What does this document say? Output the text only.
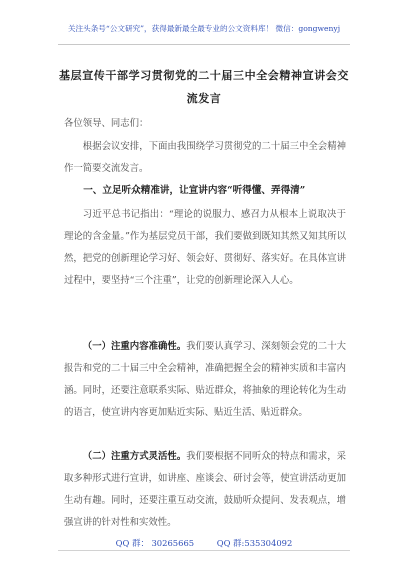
关注头条号“公文研究”，获得最新最全最专业的公文资料库！ 微信：gongwenyj
基层宣传干部学习贯彻党的二十届三中全会精神宣讲会交
流发言

各位领导、同志们：

根据会议安排，下面由我围绕学习贯彻党的二十届三中全会精神作一简要交流发言。

一、立足听众精准讲，让宣讲内容“听得懂、弄得清”

习近平总书记指出：“理论的说服力、感召力从根本上说取决于理论的含金量。”作为基层党员干部，我们要做到既知其然又知其所以然，把党的创新理论学习好、领会好、贯彻好、落实好。在具体宣讲过程中，要坚持“三个注重”，让党的创新理论深入人心。

（一）注重内容准确性。我们要认真学习、深刻领会党的二十大报告和党的二十届三中全会精神，准确把握全会的精神实质和丰富内涵。同时，还要注意联系实际、贴近群众，将抽象的理论转化为生动的语言，使宣讲内容更加贴近实际、贴近生活、贴近群众。

（二）注重方式灵活性。我们要根据不同听众的特点和需求，采取多种形式进行宣讲，如讲座、座谈会、研讨会等，使宣讲活动更加生动有趣。同时，还要注重互动交流，鼓励听众提问、发表观点，增强宣讲的针对性和实效性。

QQ 群： 30265665	QQ 群:535304092
